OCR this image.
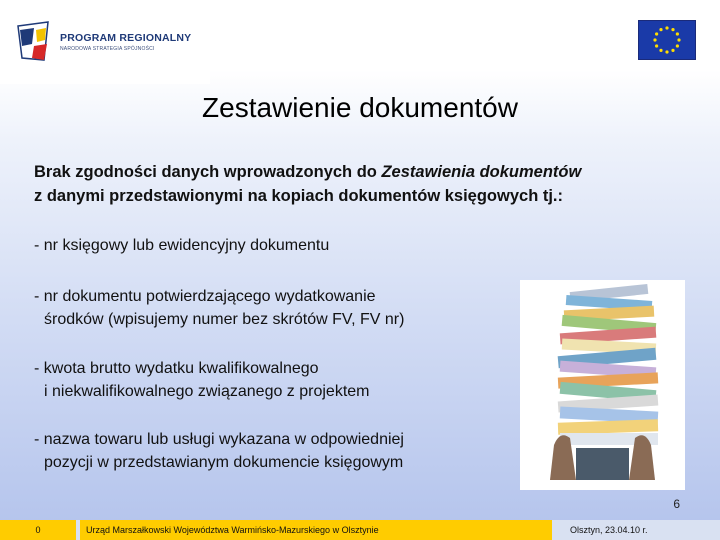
PROGRAM REGIONALNY
NARODOWA STRATEGIA SPÓJNOŚCI
Zestawienie dokumentów
Brak zgodności danych wprowadzonych do Zestawienia dokumentów
z danymi przedstawionymi na kopiach dokumentów księgowych tj.:
- nr księgowy lub ewidencyjny dokumentu
- nr dokumentu potwierdzającego wydatkowanie
środków (wpisujemy numer bez skrótów FV, FV nr)
- kwota brutto wydatku kwalifikowalnego
i niekwalifikowalnego związanego z projektem
- nazwa towaru lub usługi wykazana w odpowiedniej
pozycji w przedstawianym dokumencie księgowym
6
0	Urząd Marszałkowski Województwa Warmińsko-Mazurskiego w Olsztynie	Olsztyn, 23.04.10 r.
